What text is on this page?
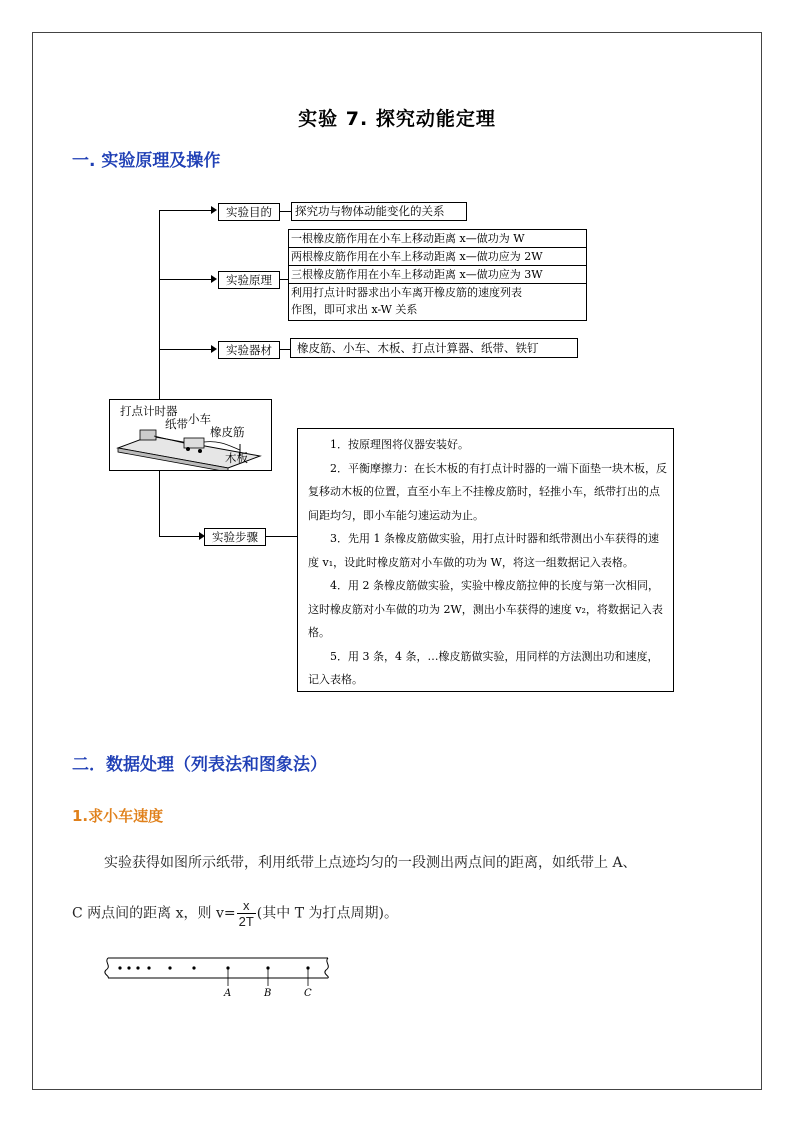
实验 7. 探究动能定理
一. 实验原理及操作
实验目的	探究功与物体动能变化的关系
实验原理
一根橡皮筋作用在小车上移动距离 x—做功为 W
两根橡皮筋作用在小车上移动距离 x—做功应为 2W
三根橡皮筋作用在小车上移动距离 x—做功应为 3W
利用打点计时器求出小车离开橡皮筋的速度列表
作图，即可求出 x-W 关系
实验器材	橡皮筋、小车、木板、打点计算器、纸带、铁钉
打点计时器
纸带 小车
橡皮筋
木板
实验步骤

1．按原理图将仪器安装好。

2．平衡摩擦力：在长木板的有打点计时器的一端下面垫一块木板，反复移动木板的位置，直至小车上不挂橡皮筋时，轻推小车，纸带打出的点间距均匀，即小车能匀速运动为止。

3．先用 1 条橡皮筋做实验，用打点计时器和纸带测出小车获得的速度 v₁，设此时橡皮筋对小车做的功为 W，将这一组数据记入表格。

4．用 2 条橡皮筋做实验，实验中橡皮筋拉伸的长度与第一次相同，这时橡皮筋对小车做的功为 2W，测出小车获得的速度 v₂，将数据记入表格。

5．用 3 条，4 条，…橡皮筋做实验，用同样的方法测出功和速度，记入表格。

二．数据处理（列表法和图象法）
1.求小车速度
实验获得如图所示纸带，利用纸带上点迹均匀的一段测出两点间的距离，如纸带上 A、
C 两点间的距离 x，则 $v= \frac{x}{2T}$ (其中 T 为打点周期)。
A	B	C
